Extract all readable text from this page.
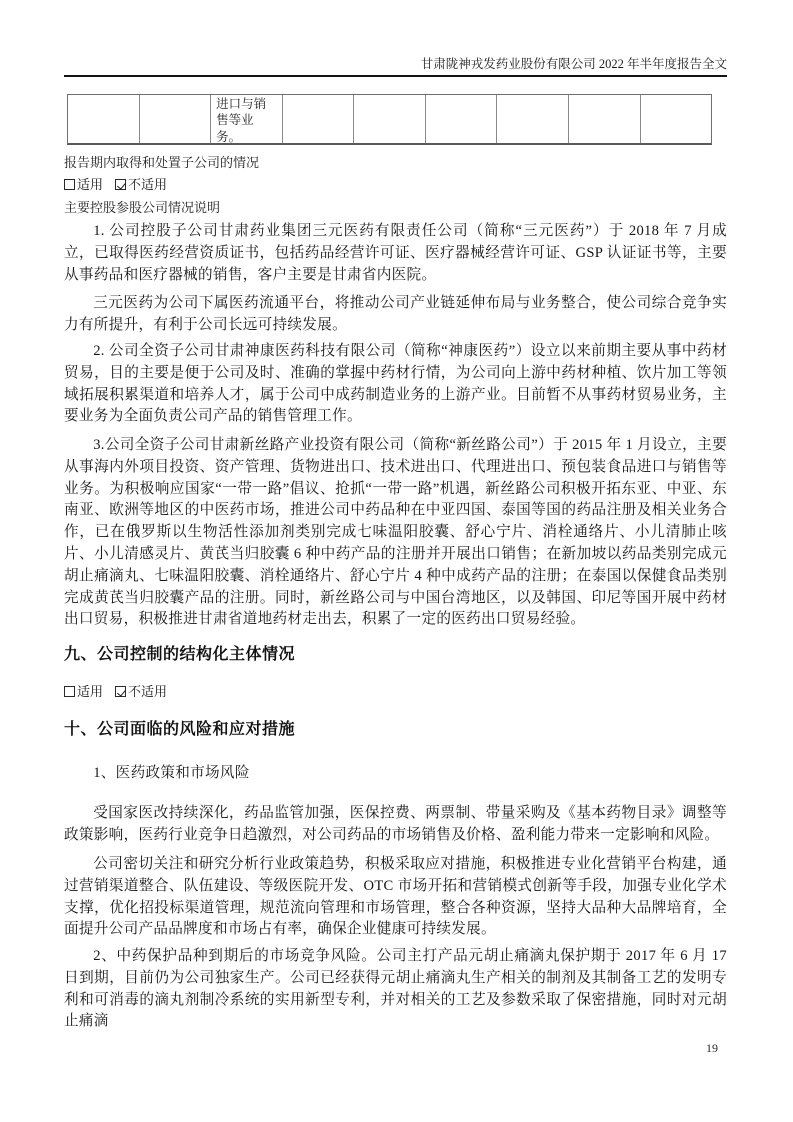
甘肃陇神戎发药业股份有限公司 2022 年半年度报告全文
进口与销售等业务。
报告期内取得和处置子公司的情况
适用 不适用
主要控股参股公司情况说明
1. 公司控股子公司甘肃药业集团三元医药有限责任公司（简称“三元医药”）于 2018 年 7 月成立，已取得医药经营资质证书，包括药品经营许可证、医疗器械经营许可证、GSP 认证证书等，主要从事药品和医疗器械的销售，客户主要是甘肃省内医院。
三元医药为公司下属医药流通平台，将推动公司产业链延伸布局与业务整合，使公司综合竞争实力有所提升，有利于公司长远可持续发展。
2. 公司全资子公司甘肃神康医药科技有限公司（简称“神康医药”）设立以来前期主要从事中药材贸易，目的主要是便于公司及时、准确的掌握中药材行情，为公司向上游中药材种植、饮片加工等领域拓展积累渠道和培养人才，属于公司中成药制造业务的上游产业。目前暂不从事药材贸易业务，主要业务为全面负责公司产品的销售管理工作。
3.公司全资子公司甘肃新丝路产业投资有限公司（简称“新丝路公司”）于 2015 年 1 月设立，主要从事海内外项目投资、资产管理、货物进出口、技术进出口、代理进出口、预包装食品进口与销售等业务。为积极响应国家“一带一路”倡议、抢抓“一带一路”机遇，新丝路公司积极开拓东亚、中亚、东南亚、欧洲等地区的中医药市场，推进公司中药品种在中亚四国、泰国等国的药品注册及相关业务合作，已在俄罗斯以生物活性添加剂类别完成七味温阳胶囊、舒心宁片、消栓通络片、小儿清肺止咳片、小儿清感灵片、黄芪当归胶囊 6 种中药产品的注册并开展出口销售；在新加坡以药品类别完成元胡止痛滴丸、七味温阳胶囊、消栓通络片、舒心宁片 4 种中成药产品的注册；在泰国以保健食品类别完成黄芪当归胶囊产品的注册。同时，新丝路公司与中国台湾地区，以及韩国、印尼等国开展中药材出口贸易，积极推进甘肃省道地药材走出去，积累了一定的医药出口贸易经验。
九、公司控制的结构化主体情况
适用 不适用
十、公司面临的风险和应对措施
1、医药政策和市场风险
受国家医改持续深化，药品监管加强，医保控费、两票制、带量采购及《基本药物目录》调整等政策影响，医药行业竞争日趋激烈，对公司药品的市场销售及价格、盈利能力带来一定影响和风险。
公司密切关注和研究分析行业政策趋势，积极采取应对措施，积极推进专业化营销平台构建，通过营销渠道整合、队伍建设、等级医院开发、OTC 市场开拓和营销模式创新等手段，加强专业化学术支撑，优化招投标渠道管理，规范流向管理和市场管理，整合各种资源，坚持大品种大品牌培育，全面提升公司产品品牌度和市场占有率，确保企业健康可持续发展。
2、中药保护品种到期后的市场竞争风险。公司主打产品元胡止痛滴丸保护期于 2017 年 6 月 17 日到期，目前仍为公司独家生产。公司已经获得元胡止痛滴丸生产相关的制剂及其制备工艺的发明专利和可消毒的滴丸剂制冷系统的实用新型专利，并对相关的工艺及参数采取了保密措施，同时对元胡止痛滴
19
